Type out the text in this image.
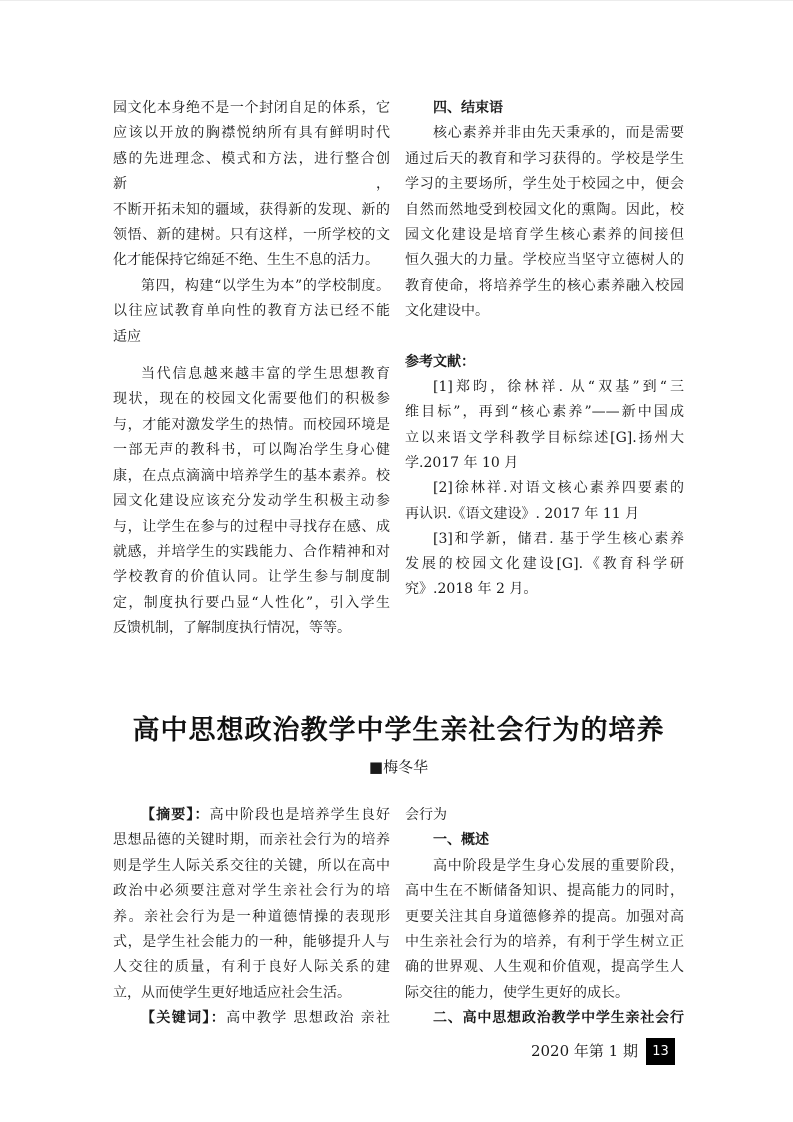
园文化本身绝不是一个封闭自足的体系，它
应该以开放的胸襟悦纳所有具有鲜明时代
感的先进理念、模式和方法，进行整合创新，
不断开拓未知的疆域，获得新的发现、新的
领悟、新的建树。只有这样，一所学校的文
化才能保持它绵延不绝、生生不息的活力。
第四，构建“以学生为本”的学校制度。
以往应试教育单向性的教育方法已经不能
适应
当代信息越来越丰富的学生思想教育
现状，现在的校园文化需要他们的积极参
与，才能对激发学生的热情。而校园环境是
一部无声的教科书，可以陶冶学生身心健
康，在点点滴滴中培养学生的基本素养。校
园文化建设应该充分发动学生积极主动参
与，让学生在参与的过程中寻找存在感、成
就感，并培学生的实践能力、合作精神和对
学校教育的价值认同。让学生参与制度制
定，制度执行要凸显“人性化”，引入学生
反馈机制，了解制度执行情况，等等。
四、结束语
核心素养并非由先天秉承的，而是需要
通过后天的教育和学习获得的。学校是学生
学习的主要场所，学生处于校园之中，便会
自然而然地受到校园文化的熏陶。因此，校
园文化建设是培育学生核心素养的间接但
恒久强大的力量。学校应当坚守立德树人的
教育使命，将培养学生的核心素养融入校园
文化建设中。
参考文献：
[1]郑昀，徐林祥. 从“双基”到“三
维目标”，再到“核心素养”——新中国成
立以来语文学科教学目标综述[G].扬州大
学.2017 年 10 月
[2]徐林祥.对语文核心素养四要素的
再认识.《语文建设》. 2017 年 11 月
[3]和学新，储君. 基于学生核心素养
发展的校园文化建设[G].《教育科学研
究》.2018 年 2 月。
高中思想政治教学中学生亲社会行为的培养
■梅冬华
【摘要】：高中阶段也是培养学生良好
思想品德的关键时期，而亲社会行为的培养
则是学生人际关系交往的关键，所以在高中
政治中必须要注意对学生亲社会行为的培
养。亲社会行为是一种道德情操的表现形
式，是学生社会能力的一种，能够提升人与
人交往的质量，有利于良好人际关系的建
立，从而使学生更好地适应社会生活。
【关键词】：高中教学 思想政治 亲社
会行为
一、概述
高中阶段是学生身心发展的重要阶段，
高中生在不断储备知识、提高能力的同时，
更要关注其自身道德修养的提高。加强对高
中生亲社会行为的培养，有利于学生树立正
确的世界观、人生观和价值观，提高学生人
际交往的能力，使学生更好的成长。
二、高中思想政治教学中学生亲社会行
2020 年第 1 期	13
